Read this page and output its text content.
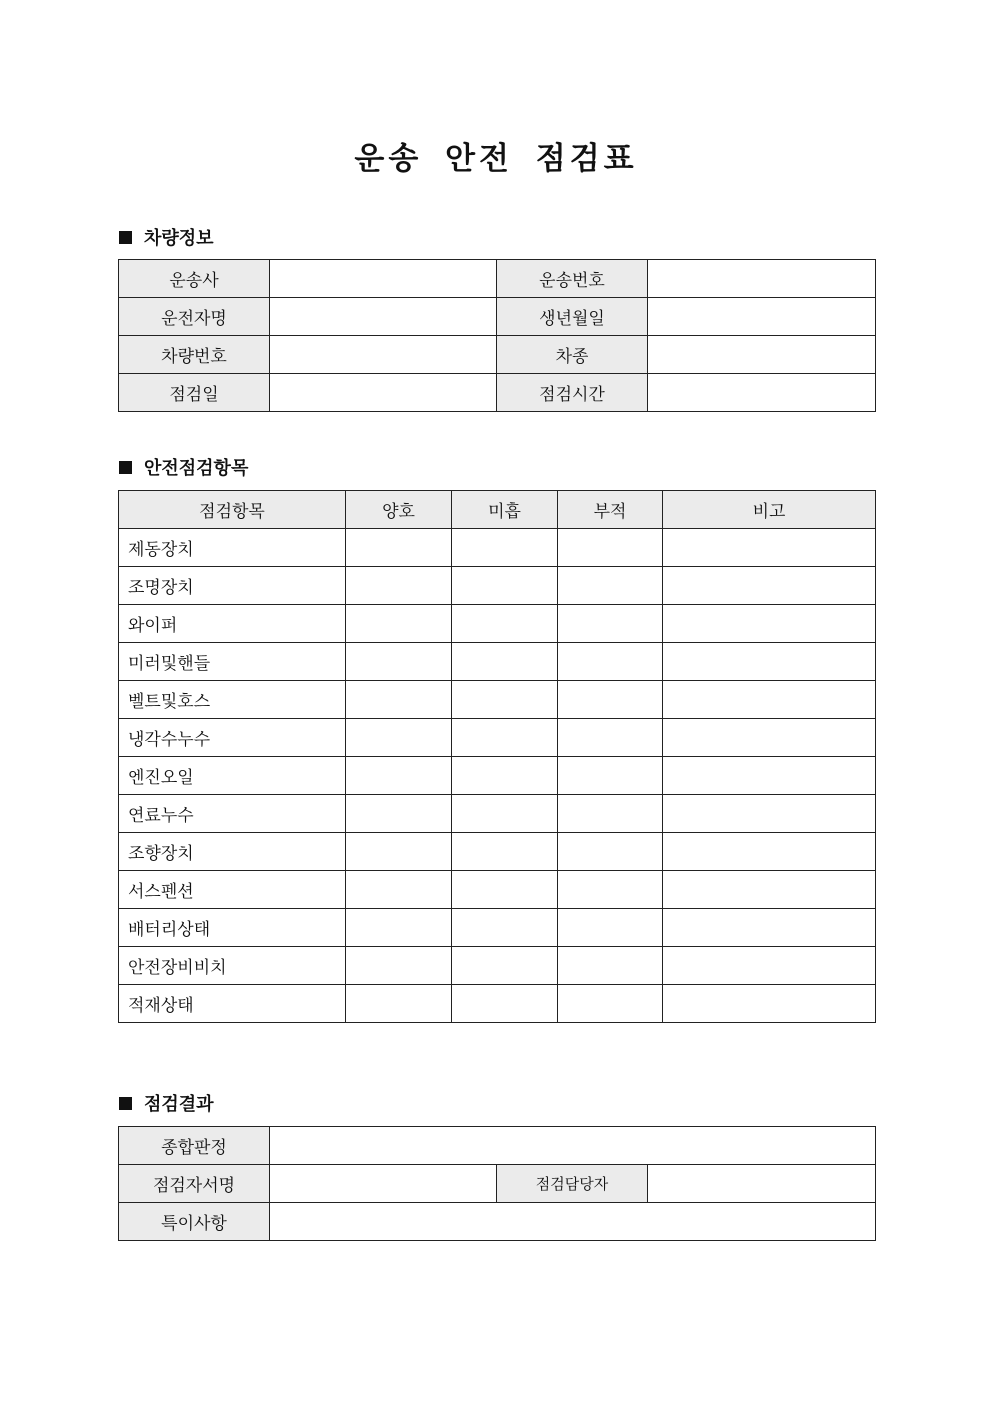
운송 안전 점검표
차량정보
운송사		운송번호	
운전자명		생년월일	
차량번호		차종	
점검일		점검시간	
안전점검항목
점검항목	양호	미흡	부적	비고
제동장치				
조명장치				
와이퍼				
미러및핸들				
벨트및호스				
냉각수누수				
엔진오일				
연료누수				
조향장치				
서스펜션				
배터리상태				
안전장비비치				
적재상태				
점검결과
종합판정			
점검자서명		점검담당자	
특이사항			
